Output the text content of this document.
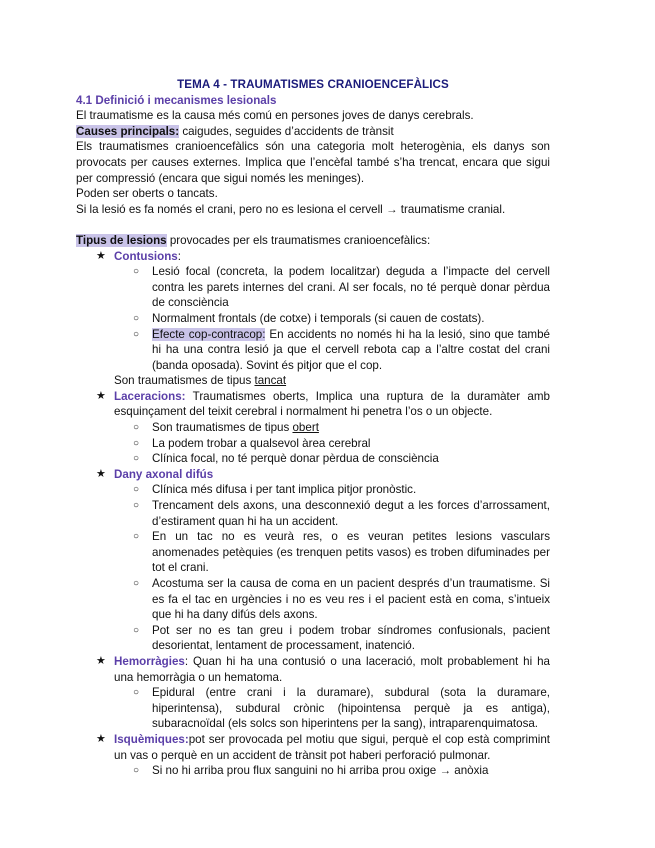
TEMA 4 - TRAUMATISMES CRANIOENCEFÀLICS
4.1 Definició i mecanismes lesionals
El traumatisme es la causa més comú en persones joves de danys cerebrals.
Causes principals: caigudes, seguides d’accidents de trànsit
Els traumatismes cranioencefàlics són una categoria molt heterogènia, els danys son provocats per causes externes. Implica que l’encèfal també s’ha trencat, encara que sigui per compressió (encara que sigui només les meninges).
Poden ser oberts o tancats.
Si la lesió es fa només el crani, pero no es lesiona el cervell → traumatisme cranial.
Tipus de lesions provocades per els traumatismes cranioencefàlics:
★ Contusions:
○ Lesió focal (concreta, la podem localitzar) deguda a l’impacte del cervell contra les parets internes del crani. Al ser focals, no té perquè donar pèrdua de consciència
○ Normalment frontals (de cotxe) i temporals (si cauen de costats).
○ Efecte cop-contracop: En accidents no només hi ha la lesió, sino que també hi ha una contra lesió ja que el cervell rebota cap a l’altre costat del crani (banda oposada). Sovint és pitjor que el cop.
Son traumatismes de tipus tancat
★ Laceracions: Traumatismes oberts, Implica una ruptura de la duramàter amb esquinçament del teixit cerebral i normalment hi penetra l’os o un objecte.
○ Son traumatismes de tipus obert
○ La podem trobar a qualsevol àrea cerebral
○ Clínica focal, no té perquè donar pèrdua de consciència
★ Dany axonal difús
○ Clínica més difusa i per tant implica pitjor pronòstic.
○ Trencament dels axons, una desconnexió degut a les forces d’arrossament, d’estirament quan hi ha un accident.
○ En un tac no es veurà res, o es veuran petites lesions vasculars anomenades petèquies (es trenquen petits vasos) es troben difuminades per tot el crani.
○ Acostuma ser la causa de coma en un pacient després d’un traumatisme. Si es fa el tac en urgències i no es veu res i el pacient està en coma, s’intueix que hi ha dany difús dels axons.
○ Pot ser no es tan greu i podem trobar síndromes confusionals, pacient desorientat, lentament de processament, inatenció.
★ Hemorràgies: Quan hi ha una contusió o una laceració, molt probablement hi ha una hemorràgia o un hematoma.
○ Epidural (entre crani i la duramare), subdural (sota la duramare, hiperintensa), subdural crònic (hipointensa perquè ja es antiga), subaracnoïdal (els solcs son hiperintens per la sang), intraparenquimatosa.
★ Isquèmiques:pot ser provocada pel motiu que sigui, perquè el cop està comprimint un vas o perquè en un accident de trànsit pot haberi perforació pulmonar.
○ Si no hi arriba prou flux sanguini no hi arriba prou oxige → anòxia
